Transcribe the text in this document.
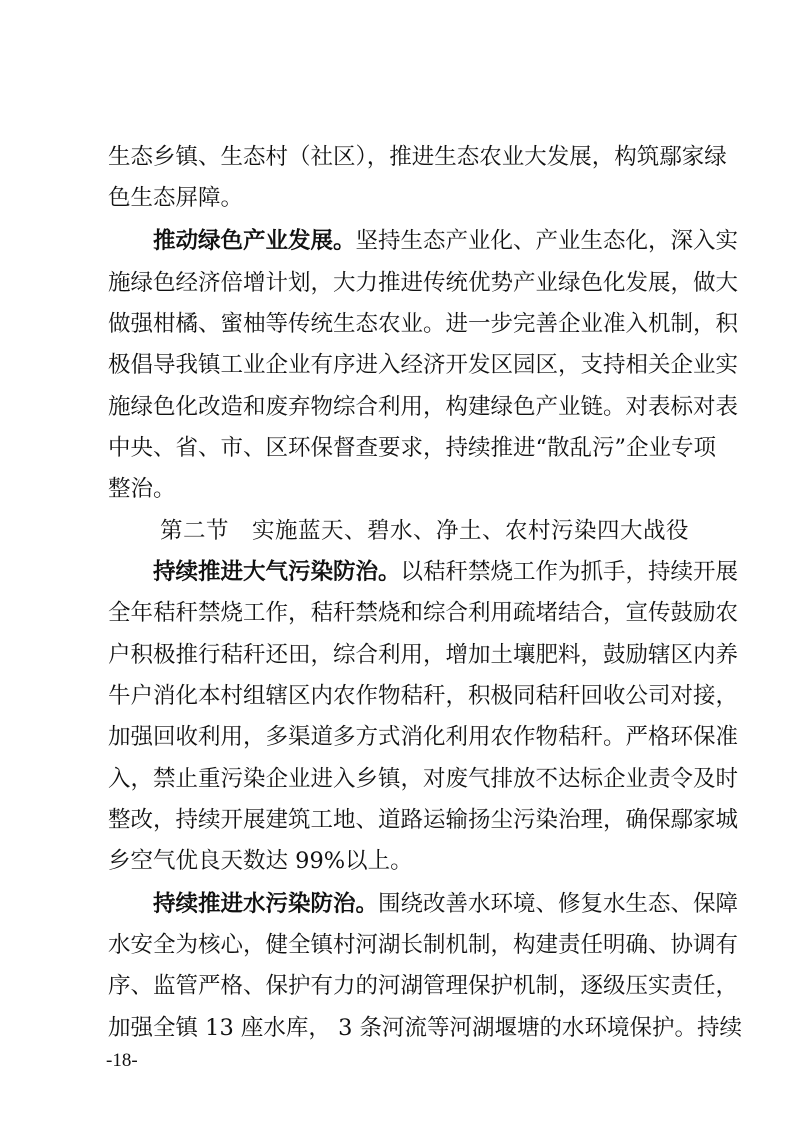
生态乡镇、生态村（社区），推进生态农业大发展，构筑鄢家绿
色生态屏障。
推动绿色产业发展。坚持生态产业化、产业生态化，深入实
施绿色经济倍增计划，大力推进传统优势产业绿色化发展，做大
做强柑橘、蜜柚等传统生态农业。进一步完善企业准入机制，积
极倡导我镇工业企业有序进入经济开发区园区，支持相关企业实
施绿色化改造和废弃物综合利用，构建绿色产业链。对表标对表
中央、省、市、区环保督查要求，持续推进“散乱污”企业专项
整治。
第二节　实施蓝天、碧水、净土、农村污染四大战役
持续推进大气污染防治。以秸秆禁烧工作为抓手，持续开展
全年秸秆禁烧工作，秸秆禁烧和综合利用疏堵结合，宣传鼓励农
户积极推行秸秆还田，综合利用，增加土壤肥料，鼓励辖区内养
牛户消化本村组辖区内农作物秸秆，积极同秸秆回收公司对接，
加强回收利用，多渠道多方式消化利用农作物秸秆。严格环保准
入，禁止重污染企业进入乡镇，对废气排放不达标企业责令及时
整改，持续开展建筑工地、道路运输扬尘污染治理，确保鄢家城
乡空气优良天数达 99%以上。
持续推进水污染防治。围绕改善水环境、修复水生态、保障
水安全为核心，健全镇村河湖长制机制，构建责任明确、协调有
序、监管严格、保护有力的河湖管理保护机制，逐级压实责任，
加强全镇 13 座水库， 3 条河流等河湖堰塘的水环境保护。持续
-18-
